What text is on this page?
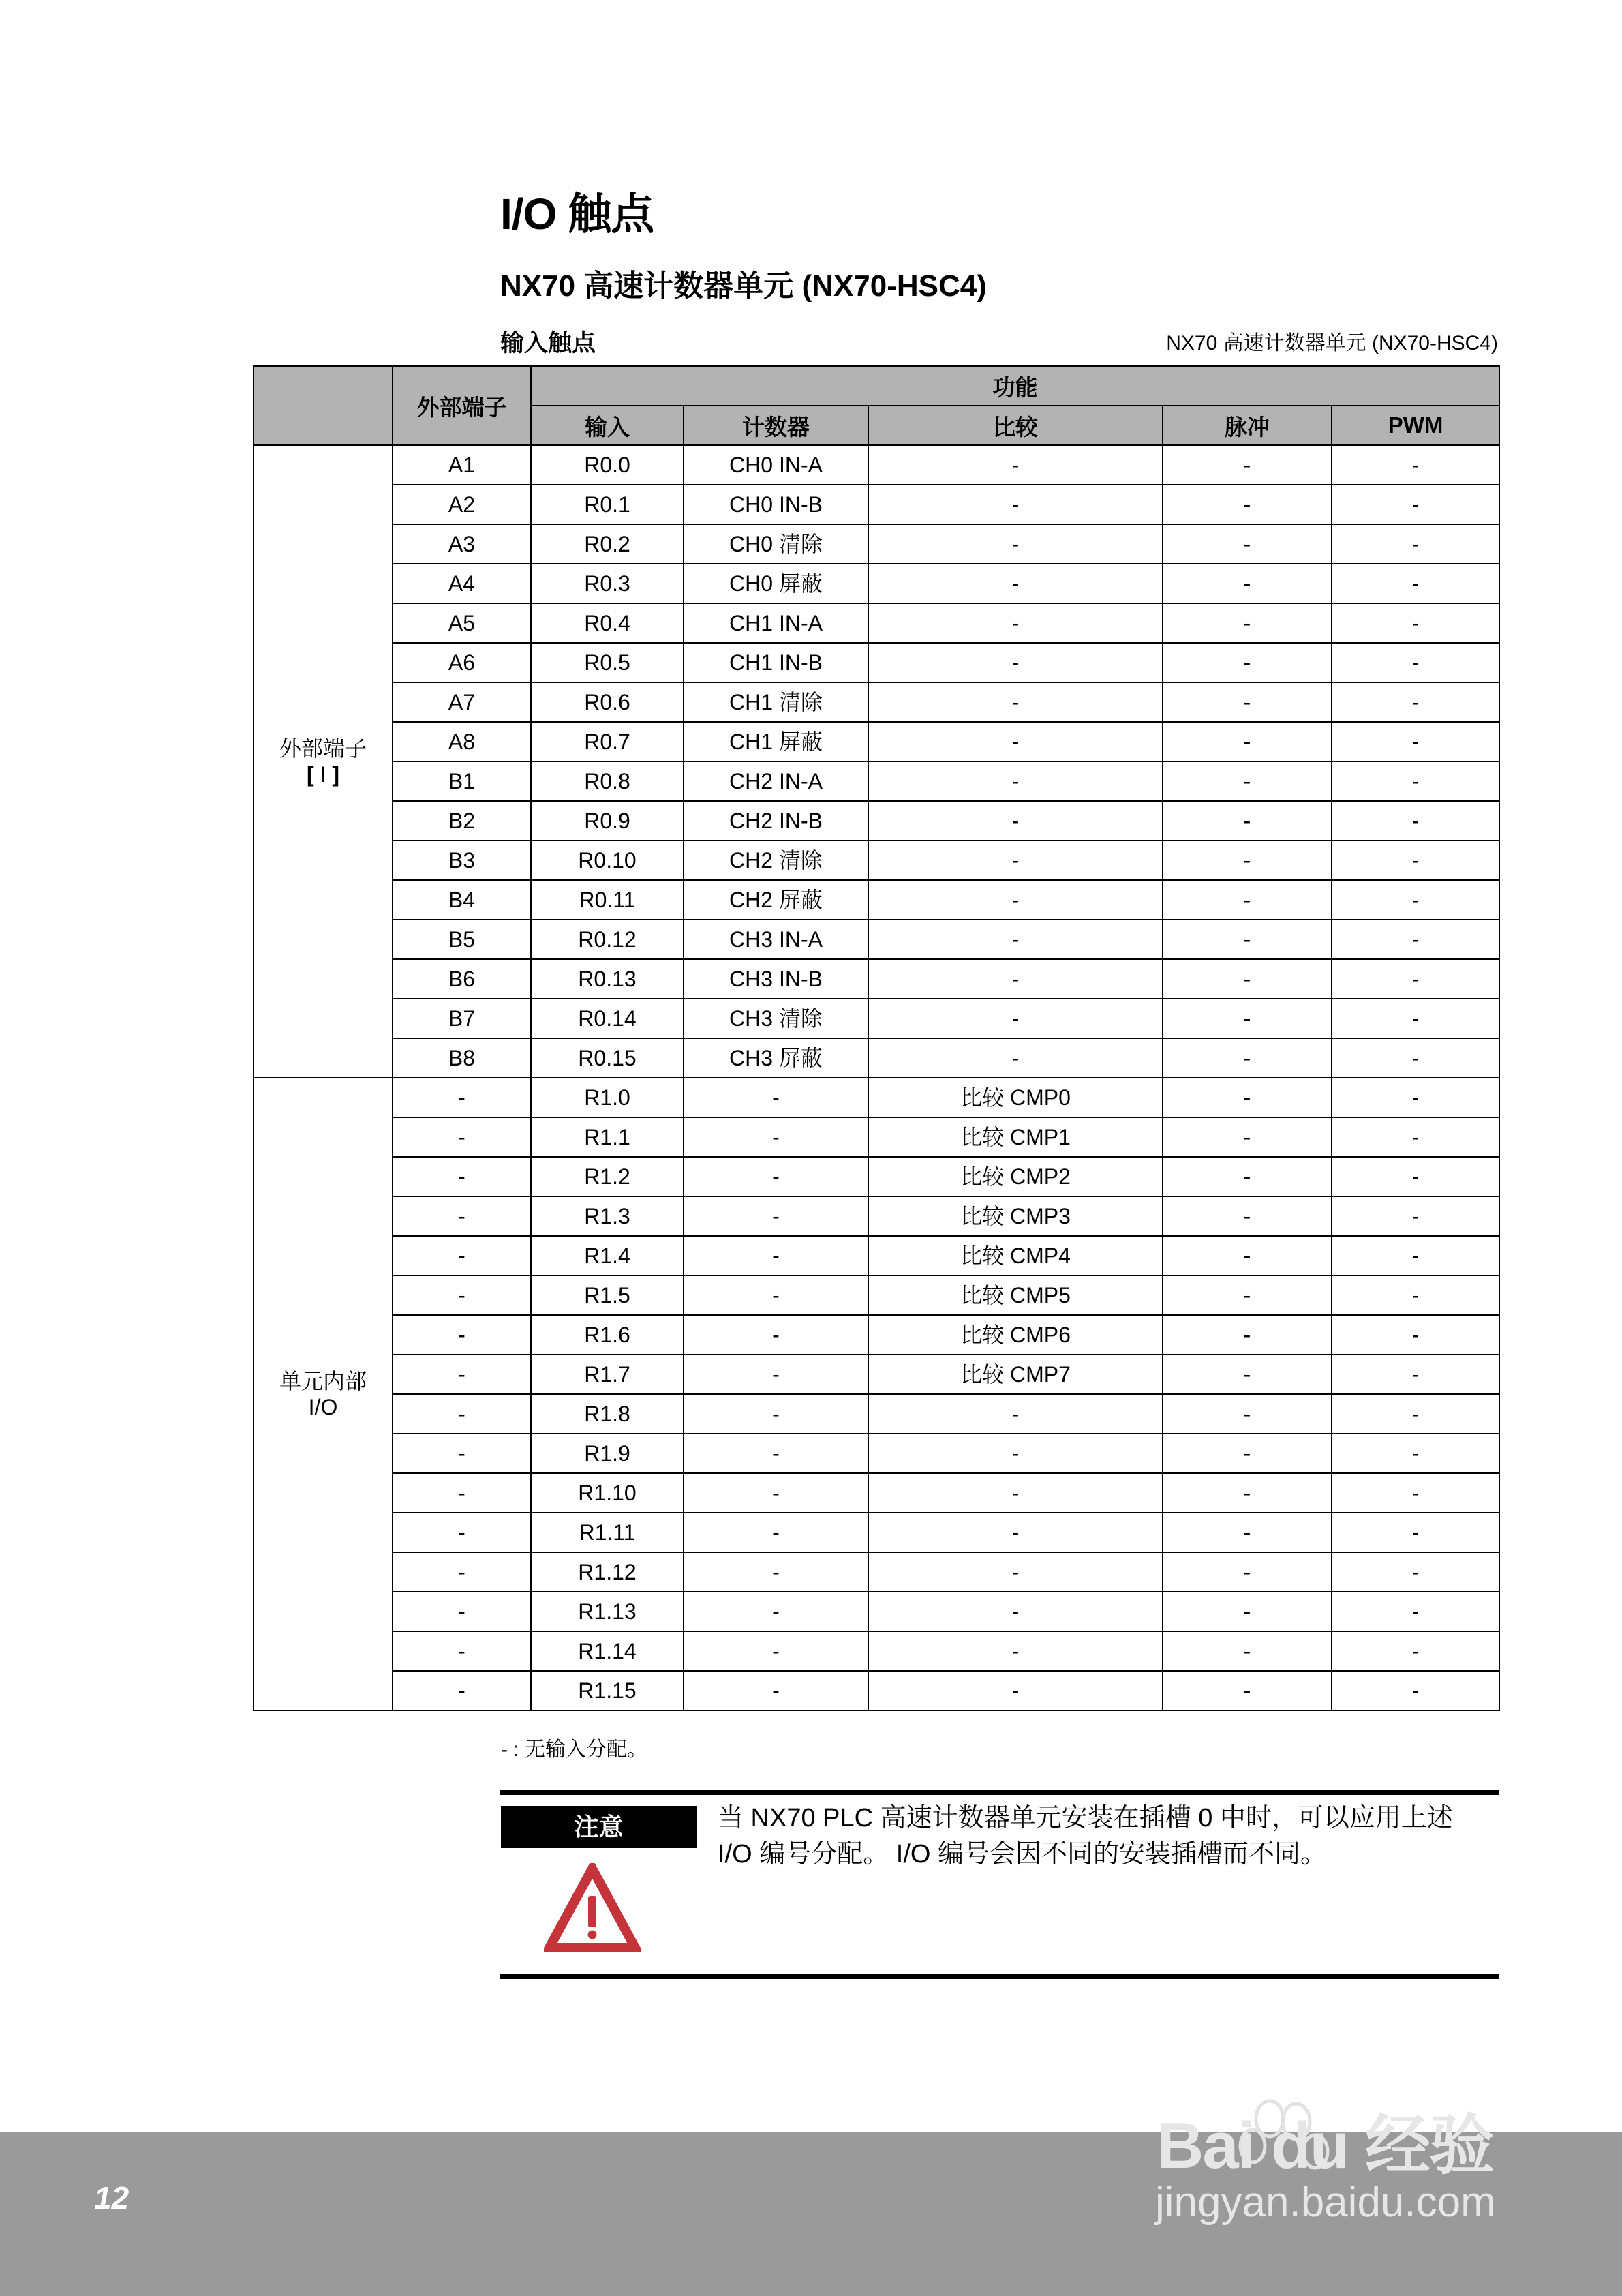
I/O 触点
NX70 高速计数器单元 (NX70-HSC4)
输入触点	NX70 高速计数器单元 (NX70-HSC4)
	外部端子	功能				
		输入	计数器	比较	脉冲	PWM

外部端子
[ I ]	A1	R0.0	CH0 IN-A	-	-	-
	A2	R0.1	CH0 IN-B	-	-	-
	A3	R0.2	CH0 清除	-	-	-
	A4	R0.3	CH0 屏蔽	-	-	-
	A5	R0.4	CH1 IN-A	-	-	-
	A6	R0.5	CH1 IN-B	-	-	-
	A7	R0.6	CH1 清除	-	-	-
	A8	R0.7	CH1 屏蔽	-	-	-
	B1	R0.8	CH2 IN-A	-	-	-
	B2	R0.9	CH2 IN-B	-	-	-
	B3	R0.10	CH2 清除	-	-	-
	B4	R0.11	CH2 屏蔽	-	-	-
	B5	R0.12	CH3 IN-A	-	-	-
	B6	R0.13	CH3 IN-B	-	-	-
	B7	R0.14	CH3 清除	-	-	-
	B8	R0.15	CH3 屏蔽	-	-	-

单元内部
I/O	-	R1.0	-	比较 CMP0	-	-
	-	R1.1	-	比较 CMP1	-	-
	-	R1.2	-	比较 CMP2	-	-
	-	R1.3	-	比较 CMP3	-	-
	-	R1.4	-	比较 CMP4	-	-
	-	R1.5	-	比较 CMP5	-	-
	-	R1.6	-	比较 CMP6	-	-
	-	R1.7	-	比较 CMP7	-	-
	-	R1.8	-	-	-	-
	-	R1.9	-	-	-	-
	-	R1.10	-	-	-	-
	-	R1.11	-	-	-	-
	-	R1.12	-	-	-	-
	-	R1.13	-	-	-	-
	-	R1.14	-	-	-	-
	-	R1.15	-	-	-	-
- : 无输入分配。
注意	当 NX70 PLC 高速计数器单元安装在插槽 0 中时，可以应用上述
I/O 编号分配。 I/O 编号会因不同的安装插槽而不同。
12
Bai du 经验
jingyan.baidu.com
